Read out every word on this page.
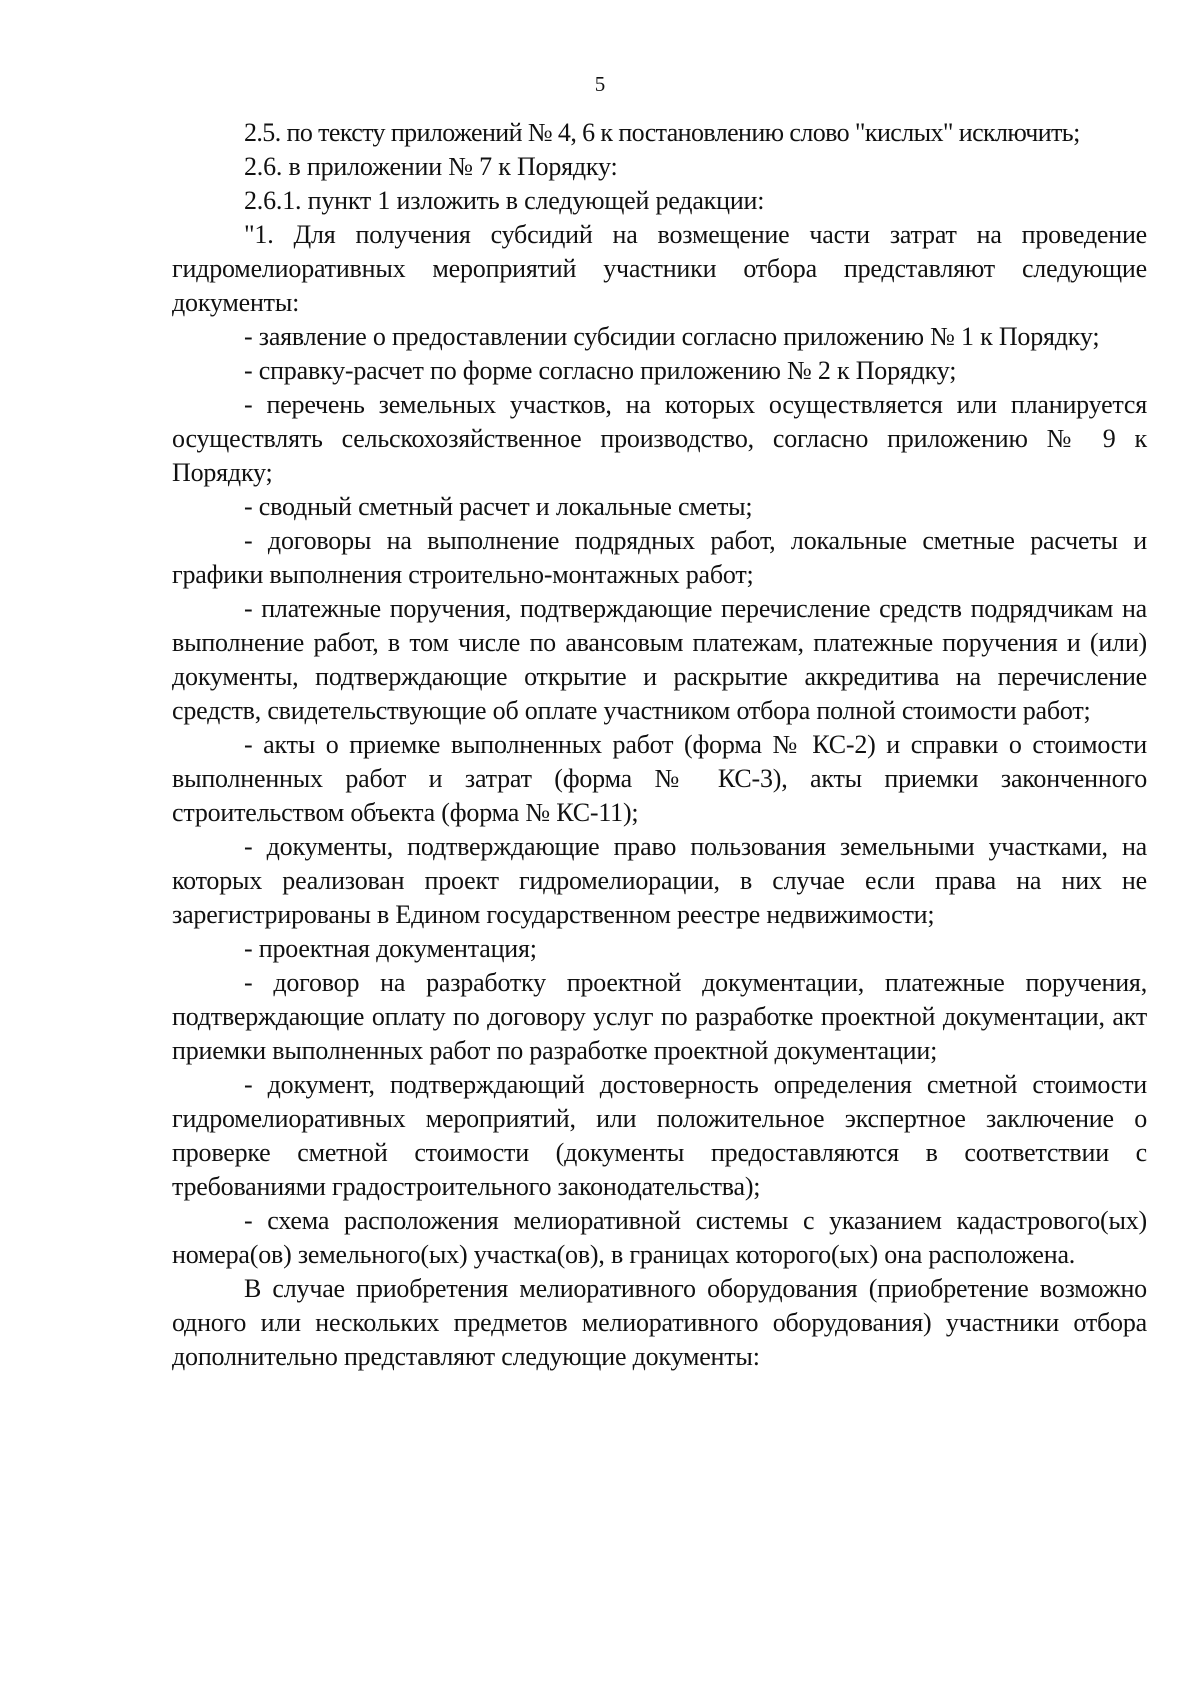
5

2.5. по тексту приложений № 4, 6 к постановлению слово "кислых" исключить;

2.6. в приложении № 7 к Порядку:

2.6.1. пункт 1 изложить в следующей редакции:

"1. Для получения субсидий на возмещение части затрат на проведение гидромелиоративных мероприятий участники отбора представляют следующие документы:

- заявление о предоставлении субсидии согласно приложению № 1 к Порядку;

- справку-расчет по форме согласно приложению № 2 к Порядку;

- перечень земельных участков, на которых осуществляется или планируется осуществлять сельскохозяйственное производство, согласно приложению № 9 к Порядку;

- сводный сметный расчет и локальные сметы;

- договоры на выполнение подрядных работ, локальные сметные расчеты и графики выполнения строительно-монтажных работ;

- платежные поручения, подтверждающие перечисление средств подрядчикам на выполнение работ, в том числе по авансовым платежам, платежные поручения и (или) документы, подтверждающие открытие и раскрытие аккредитива на перечисление средств, свидетельствующие об оплате участником отбора полной стоимости работ;

- акты о приемке выполненных работ (форма № КС-2) и справки о стоимости выполненных работ и затрат (форма № КС-3), акты приемки законченного строительством объекта (форма № КС-11);

- документы, подтверждающие право пользования земельными участками, на которых реализован проект гидромелиорации, в случае если права на них не зарегистрированы в Едином государственном реестре недвижимости;

- проектная документация;

- договор на разработку проектной документации, платежные поручения, подтверждающие оплату по договору услуг по разработке проектной документации, акт приемки выполненных работ по разработке проектной документации;

- документ, подтверждающий достоверность определения сметной стоимости гидромелиоративных мероприятий, или положительное экспертное заключение о проверке сметной стоимости (документы предоставляются в соответствии с требованиями градостроительного законодательства);

- схема расположения мелиоративной системы с указанием кадастрового(ых) номера(ов) земельного(ых) участка(ов), в границах которого(ых) она расположена.

В случае приобретения мелиоративного оборудования (приобретение возможно одного или нескольких предметов мелиоративного оборудования) участники отбора дополнительно представляют следующие документы:
